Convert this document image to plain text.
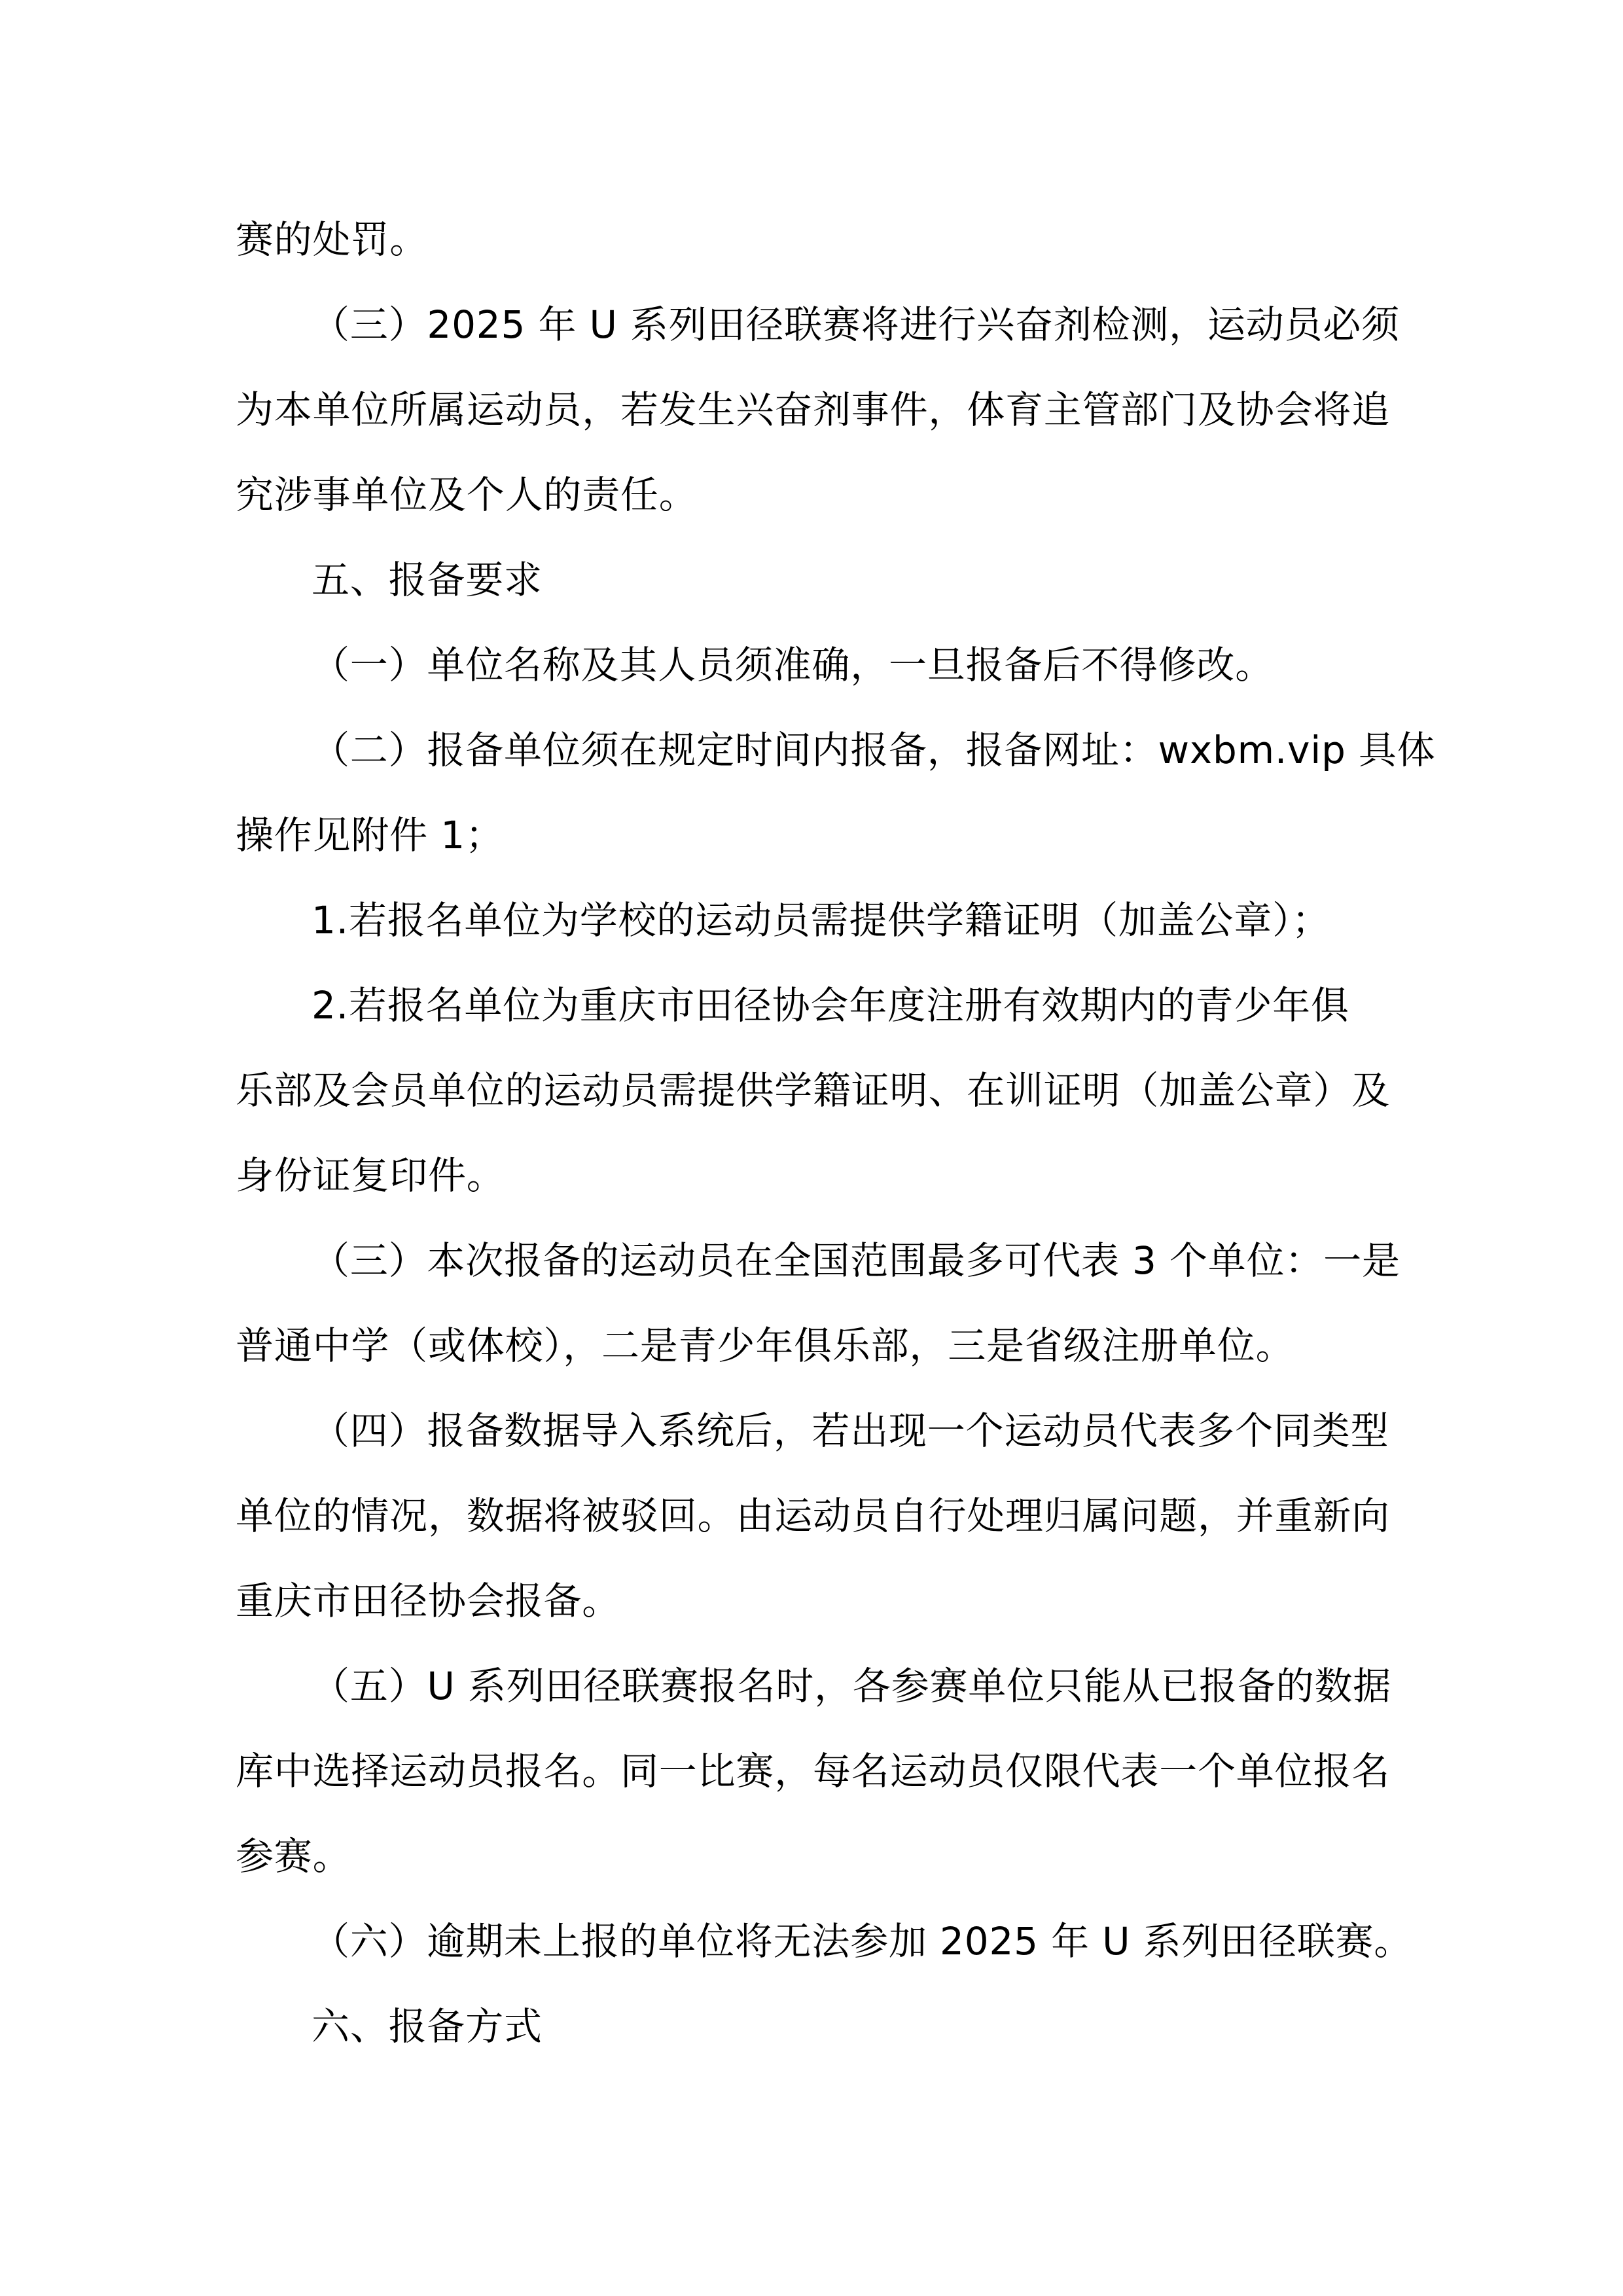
赛的处罚。
（三）2025 年 U 系列田径联赛将进行兴奋剂检测，运动员必须
为本单位所属运动员，若发生兴奋剂事件，体育主管部门及协会将追
究涉事单位及个人的责任。
五、报备要求
（一）单位名称及其人员须准确，一旦报备后不得修改。
（二）报备单位须在规定时间内报备，报备网址：wxbm.vip 具体
操作见附件 1；
1.若报名单位为学校的运动员需提供学籍证明（加盖公章）；
2.若报名单位为重庆市田径协会年度注册有效期内的青少年俱
乐部及会员单位的运动员需提供学籍证明、在训证明（加盖公章）及
身份证复印件。
（三）本次报备的运动员在全国范围最多可代表 3 个单位：一是
普通中学（或体校），二是青少年俱乐部，三是省级注册单位。
（四）报备数据导入系统后，若出现一个运动员代表多个同类型
单位的情况，数据将被驳回。由运动员自行处理归属问题，并重新向
重庆市田径协会报备。
（五）U 系列田径联赛报名时，各参赛单位只能从已报备的数据
库中选择运动员报名。同一比赛，每名运动员仅限代表一个单位报名
参赛。
（六）逾期未上报的单位将无法参加 2025 年 U 系列田径联赛。
六、报备方式
